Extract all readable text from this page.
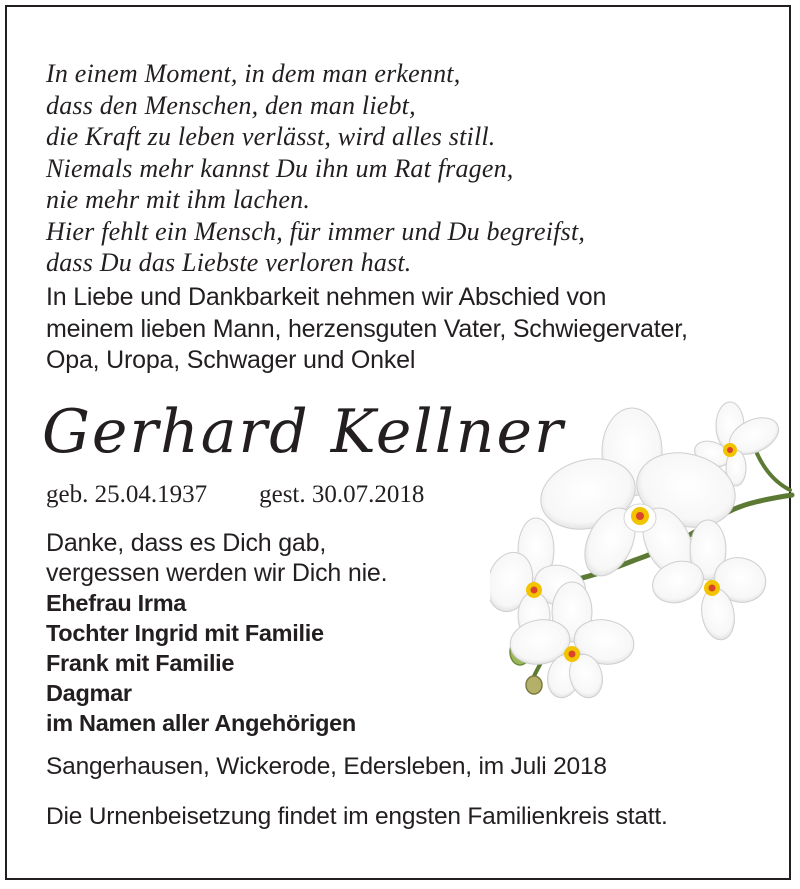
In einem Moment, in dem man erkennt,
dass den Menschen, den man liebt,
die Kraft zu leben verlässt, wird alles still.
Niemals mehr kannst Du ihn um Rat fragen,
nie mehr mit ihm lachen.
Hier fehlt ein Mensch, für immer und Du begreifst,
dass Du das Liebste verloren hast.
In Liebe und Dankbarkeit nehmen wir Abschied von
meinem lieben Mann, herzensguten Vater, Schwiegervater,
Opa, Uropa, Schwager und Onkel
Gerhard Kellner
geb. 25.04.1937 gest. 30.07.2018
Danke, dass es Dich gab,
vergessen werden wir Dich nie.
Ehefrau Irma
Tochter Ingrid mit Familie
Frank mit Familie
Dagmar
im Namen aller Angehörigen
Sangerhausen, Wickerode, Edersleben, im Juli 2018
Die Urnenbeisetzung findet im engsten Familienkreis statt.
